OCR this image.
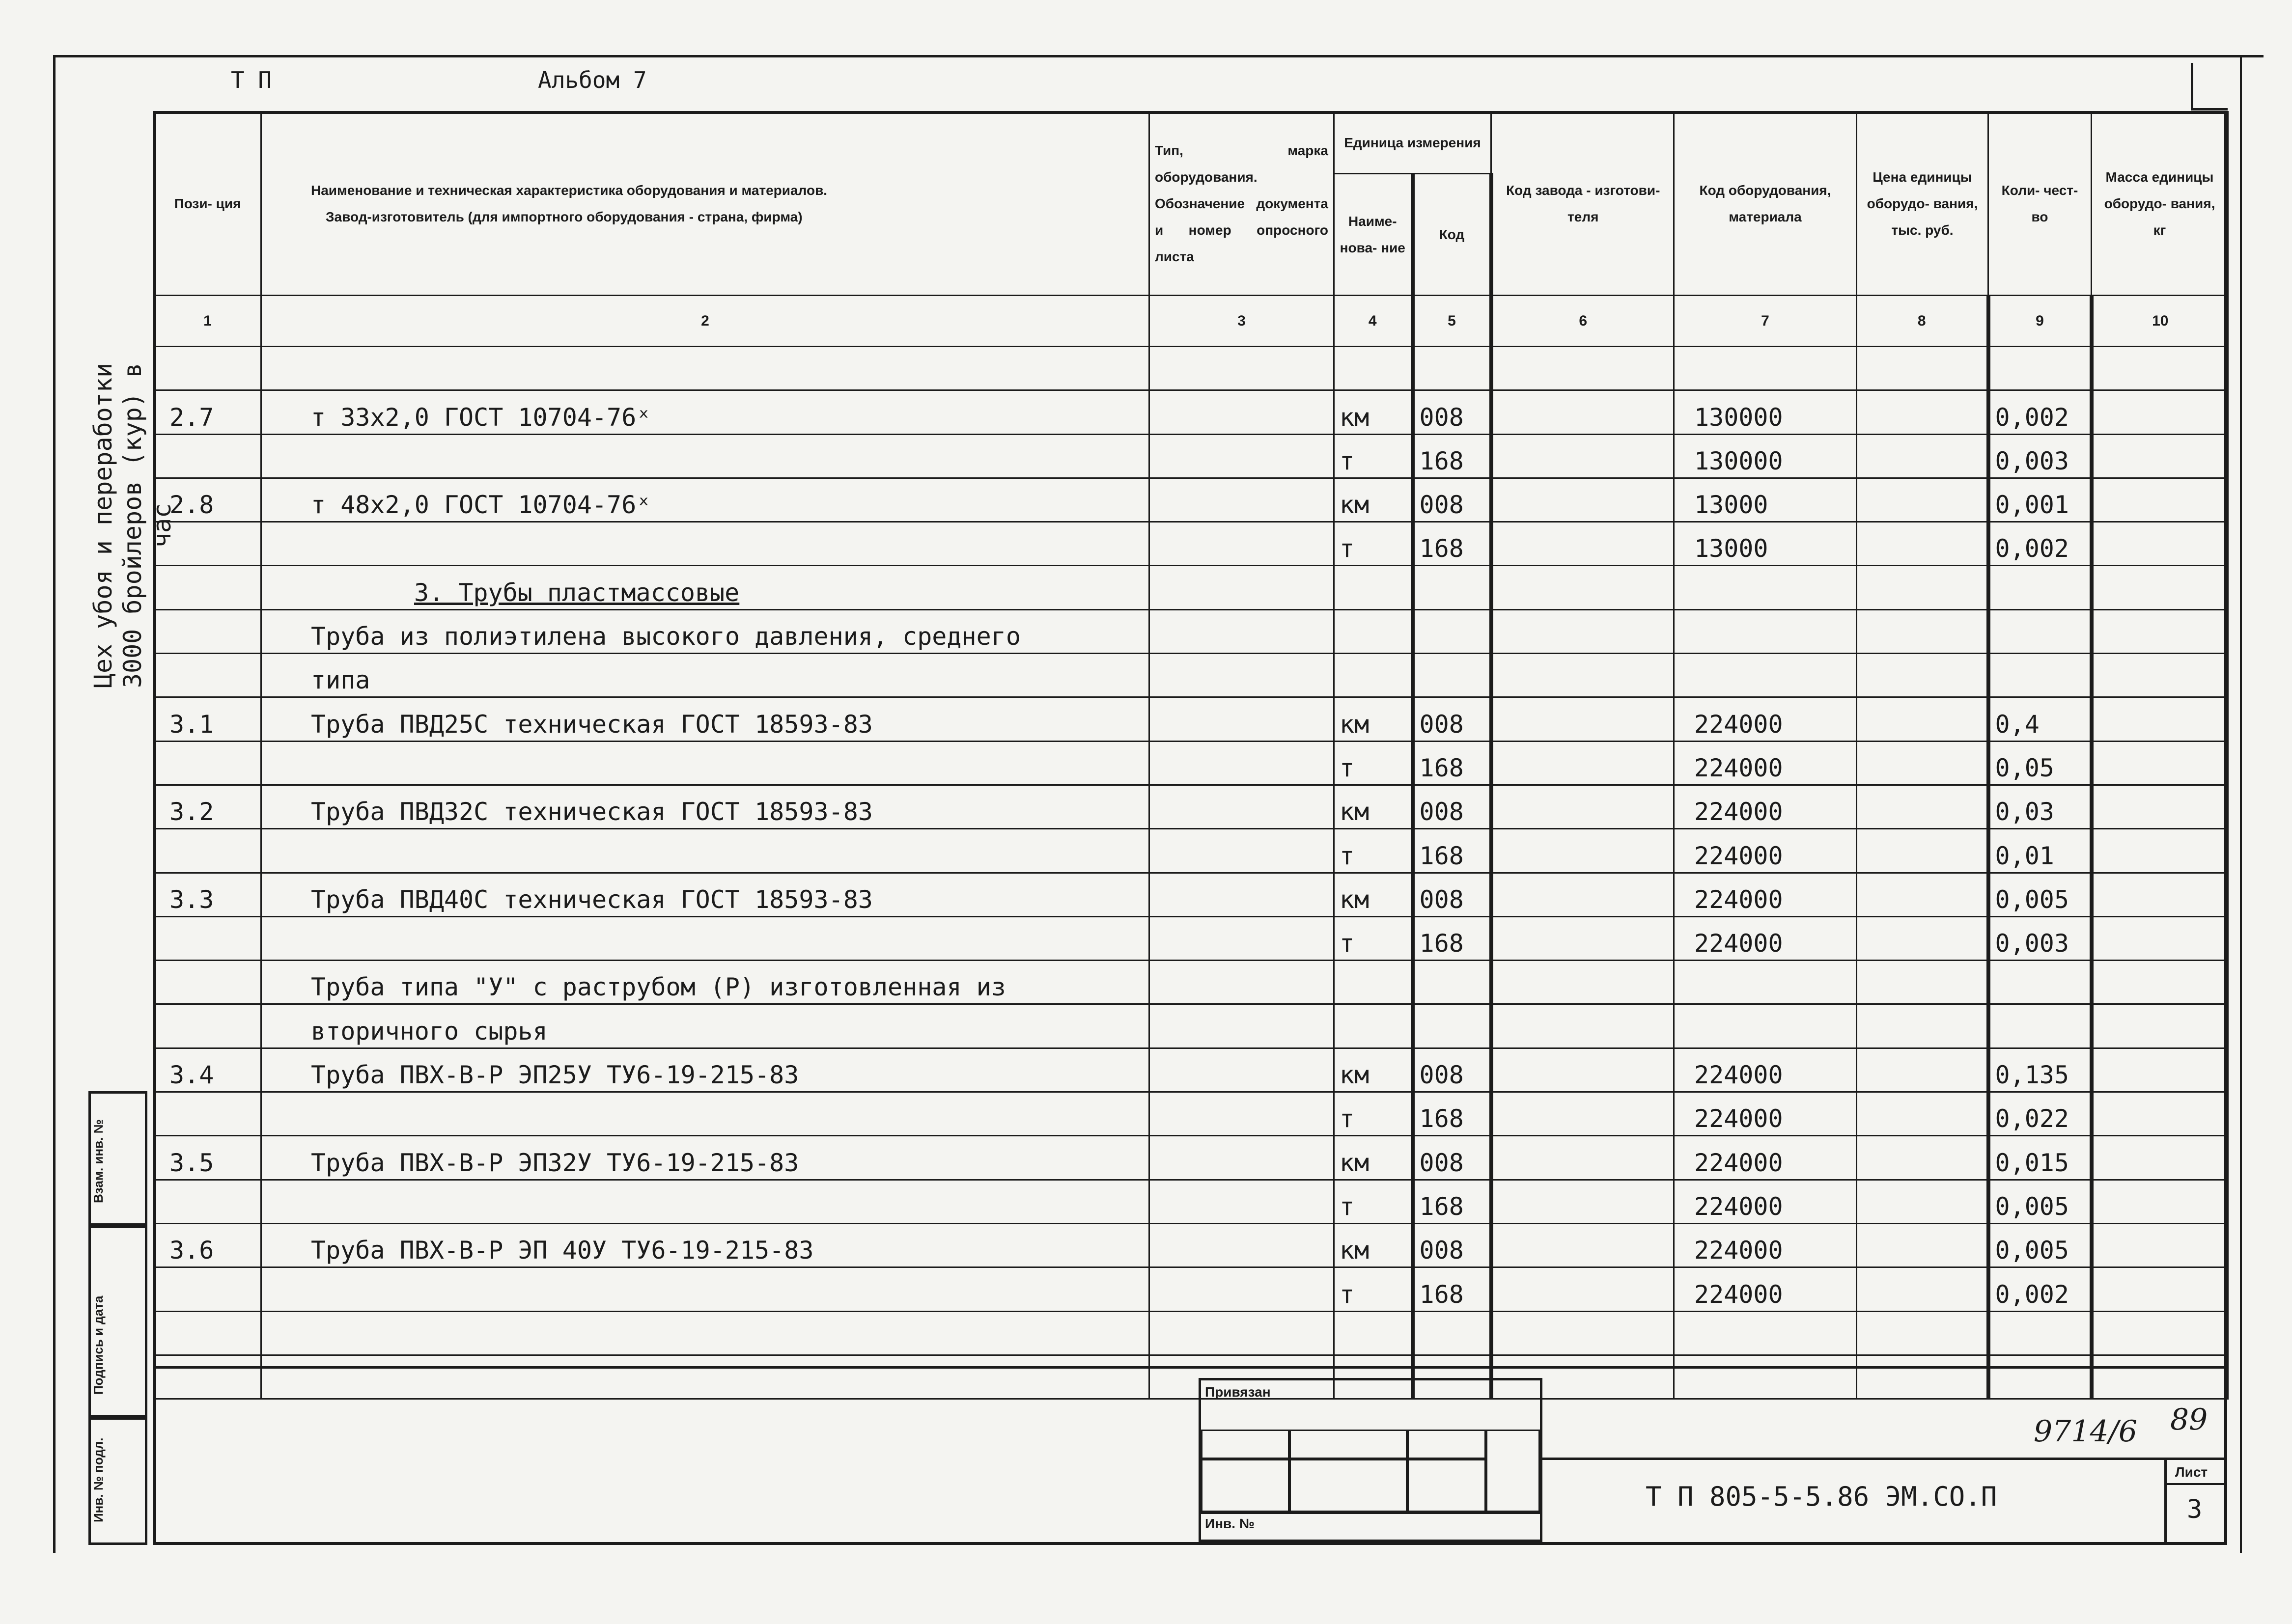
Т П	Альбом 7
Цех убоя и переработки 3000 бройлеров (кур) в час
Взам. инв. №
Подпись и дата
Инв. № подл.
Пози- ция	Наименование и техническая характеристика оборудования и материалов.
Завод-изготовитель (для импортного оборудования - страна, фирма)	Тип, марка оборудования. Обозначение документа и номер опросного листа	Единица измерения		Код завода - изготови- теля	Код оборудования, материала	Цена единицы оборудо- вания, тыс. руб.	Коли- чест- во	Масса единицы оборудо- вания, кг
			Наиме- нова- ние	Код					
1	2	3	4	5	6	7	8	9	10

2.7	т 33х2,0 ГОСТ 10704-76ˣ		км	008		130000		0,002	
			т	168		130000		0,003	
2.8	т 48х2,0 ГОСТ 10704-76ˣ		км	008		13000		0,001	
			т	168		13000		0,002	
	3. Трубы пластмассовые								
	Труба из полиэтилена высокого давления, среднего								
	типа								
3.1	Труба ПВД25С техническая ГОСТ 18593-83		км	008		224000		0,4	
			т	168		224000		0,05	
3.2	Труба ПВД32С техническая ГОСТ 18593-83		км	008		224000		0,03	
			т	168		224000		0,01	
3.3	Труба ПВД40С техническая ГОСТ 18593-83		км	008		224000		0,005	
			т	168		224000		0,003	
	Труба типа "У" с раструбом (Р) изготовленная из								
	вторичного сырья								
3.4	Труба ПВХ-В-Р ЭП25У ТУ6-19-215-83		км	008		224000		0,135	
			т	168		224000		0,022	
3.5	Труба ПВХ-В-Р ЭП32У ТУ6-19-215-83		км	008		224000		0,015	
			т	168		224000		0,005	
3.6	Труба ПВХ-В-Р ЭП 40У ТУ6-19-215-83		км	008		224000		0,005	
			т	168		224000		0,002	

Привязан
Инв. №
9714/6 89
Т П 805-5-5.86 ЭМ.СО.П
Лист
3
